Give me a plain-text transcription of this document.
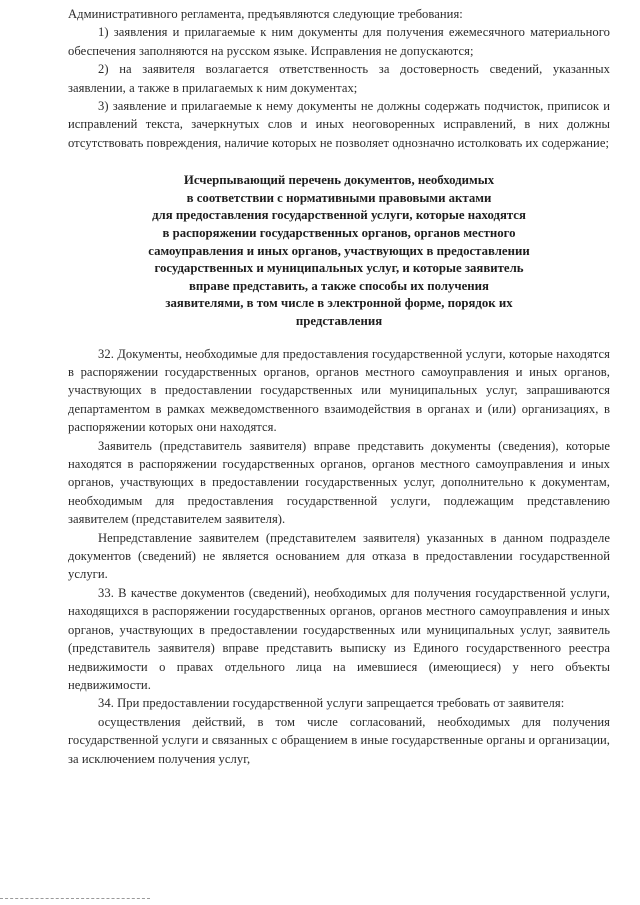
Административного регламента, предъявляются следующие требования:

1) заявления и прилагаемые к ним документы для получения ежемесячного материального обеспечения заполняются на русском языке. Исправления не допускаются;

2) на заявителя возлагается ответственность за достоверность сведений, указанных заявлении, а также в прилагаемых к ним документах;

3) заявление и прилагаемые к нему документы не должны содержать подчисток, приписок и исправлений текста, зачеркнутых слов и иных неоговоренных исправлений, в них должны отсутствовать повреждения, наличие которых не позволяет однозначно истолковать их содержание;

Исчерпывающий перечень документов, необходимых
в соответствии с нормативными правовыми актами
для предоставления государственной услуги, которые находятся
в распоряжении государственных органов, органов местного
самоуправления и иных органов, участвующих в предоставлении
государственных и муниципальных услуг, и которые заявитель
вправе представить, а также способы их получения
заявителями, в том числе в электронной форме, порядок их
представления

32. Документы, необходимые для предоставления государственной услуги, которые находятся в распоряжении государственных органов, органов местного самоуправления и иных органов, участвующих в предоставлении государственных или муниципальных услуг, запрашиваются департаментом в рамках межведомственного взаимодействия в органах и (или) организациях, в распоряжении которых они находятся.

Заявитель (представитель заявителя) вправе представить документы (сведения), которые находятся в распоряжении государственных органов, органов местного самоуправления и иных органов, участвующих в предоставлении государственных услуг, дополнительно к документам, необходимым для предоставления государственной услуги, подлежащим представлению заявителем (представителем заявителя).

Непредставление заявителем (представителем заявителя) указанных в данном подразделе документов (сведений) не является основанием для отказа в предоставлении государственной услуги.

33. В качестве документов (сведений), необходимых для получения государственной услуги, находящихся в распоряжении государственных органов, органов местного самоуправления и иных органов, участвующих в предоставлении государственных или муниципальных услуг, заявитель (представитель заявителя) вправе представить выписку из Единого государственного реестра недвижимости о правах отдельного лица на имевшиеся (имеющиеся) у него объекты недвижимости.

34. При предоставлении государственной услуги запрещается требовать от заявителя:

осуществления действий, в том числе согласований, необходимых для получения государственной услуги и связанных с обращением в иные государственные органы и организации, за исключением получения услуг,
